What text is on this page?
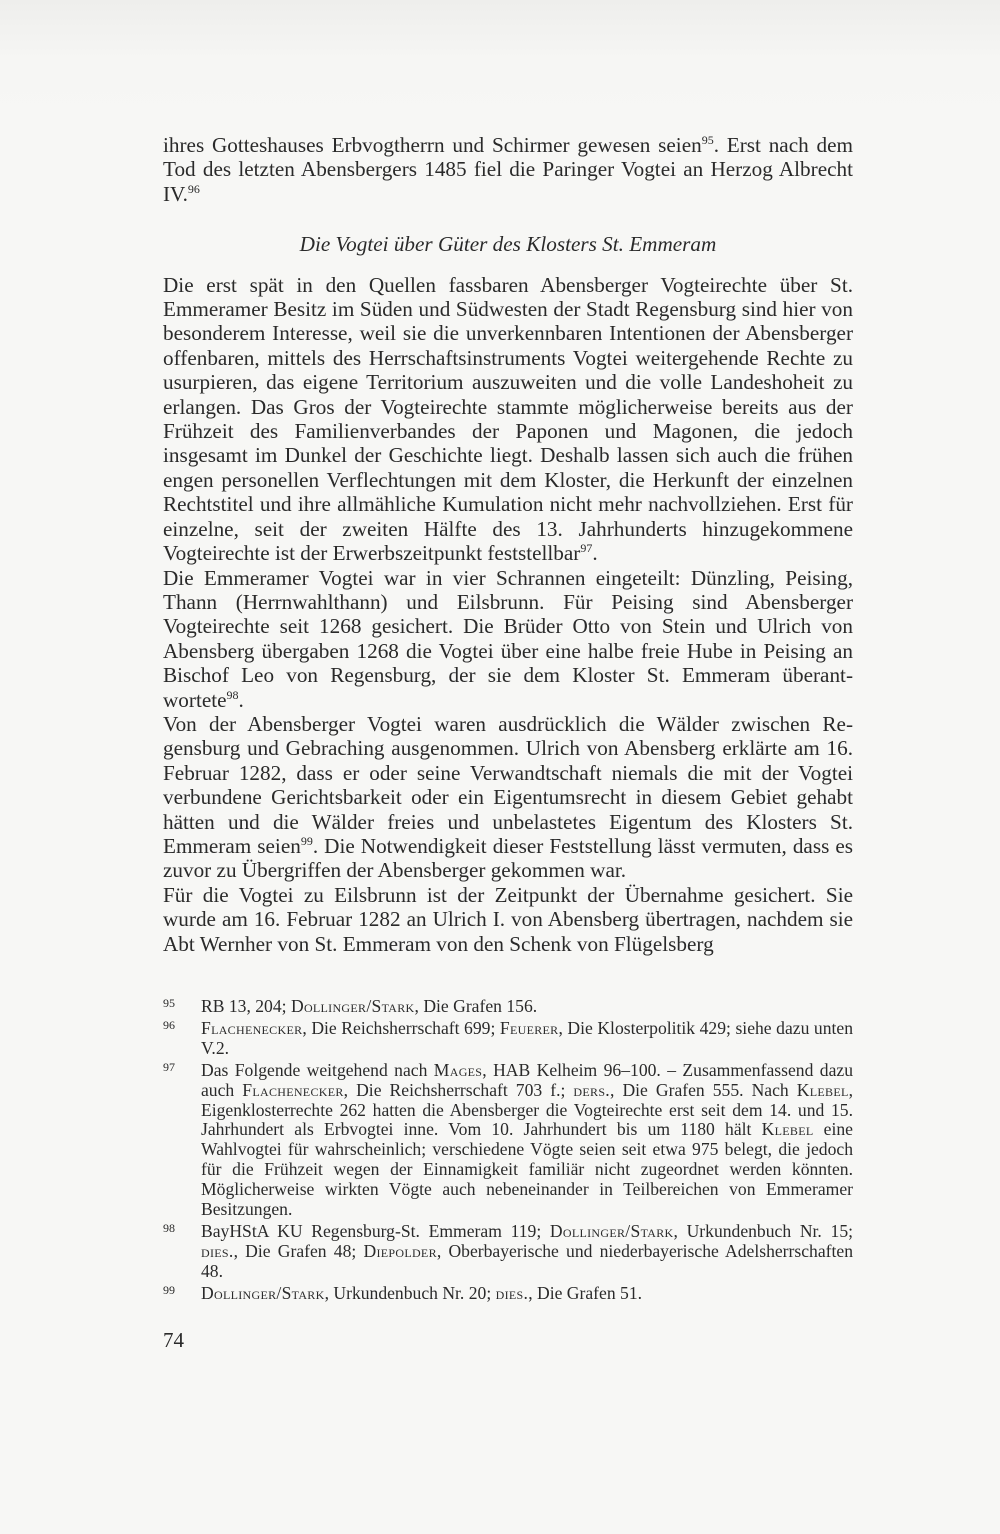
ihres Gotteshauses Erbvogtherrn und Schirmer gewesen seien$^{95}$. Erst nach dem Tod des letzten Abensbergers 1485 fiel die Paringer Vogtei an Herzog Albrecht IV.$^{96}$

Die Vogtei über Güter des Klosters St. Emmeram

Die erst spät in den Quellen fassbaren Abensberger Vogteirechte über St. Emmeramer Besitz im Süden und Südwesten der Stadt Regensburg sind hier von besonderem Interesse, weil sie die unverkennbaren Intentionen der Abensberger offenbaren, mittels des Herrschaftsinstruments Vogtei weitergehende Rechte zu usurpieren, das eigene Territorium auszuweiten und die volle Landeshoheit zu erlangen. Das Gros der Vogteirechte stammte möglicherweise bereits aus der Frühzeit des Familienverbandes der Paponen und Magonen, die jedoch insgesamt im Dunkel der Geschichte liegt. Deshalb lassen sich auch die frühen engen personellen Verflechtungen mit dem Kloster, die Herkunft der einzelnen Rechtstitel und ihre allmähliche Kumulation nicht mehr nachvollziehen. Erst für einzelne, seit der zweiten Hälfte des 13. Jahrhunderts hinzugekommene Vogteirechte ist der Erwerbszeitpunkt feststellbar$^{97}$.

Die Emmeramer Vogtei war in vier Schrannen eingeteilt: Dünzling, Peising, Thann (Herrnwahlthann) und Eilsbrunn. Für Peising sind Abensberger Vogteirechte seit 1268 gesichert. Die Brüder Otto von Stein und Ulrich von Abensberg übergaben 1268 die Vogtei über eine halbe freie Hube in Peising an Bischof Leo von Regensburg, der sie dem Kloster St. Emmeram überantwortete$^{98}$.

Von der Abensberger Vogtei waren ausdrücklich die Wälder zwischen Regensburg und Gebraching ausgenommen. Ulrich von Abensberg erklärte am 16. Februar 1282, dass er oder seine Verwandtschaft niemals die mit der Vogtei verbundene Gerichtsbarkeit oder ein Eigentumsrecht in diesem Gebiet gehabt hätten und die Wälder freies und unbelastetes Eigentum des Klosters St. Emmeram seien$^{99}$. Die Notwendigkeit dieser Feststellung lässt vermuten, dass es zuvor zu Übergriffen der Abensberger gekommen war.

Für die Vogtei zu Eilsbrunn ist der Zeitpunkt der Übernahme gesichert. Sie wurde am 16. Februar 1282 an Ulrich I. von Abensberg übertragen, nachdem sie Abt Wernher von St. Emmeram von den Schenk von Flügelsberg

95 RB 13, 204; Dollinger/Stark, Die Grafen 156.

96 Flachenecker, Die Reichsherrschaft 699; Feuerer, Die Klosterpolitik 429; siehe dazu unten V.2.

97 Das Folgende weitgehend nach Mages, HAB Kelheim 96–100. – Zusammenfassend dazu auch Flachenecker, Die Reichsherrschaft 703 f.; ders., Die Grafen 555. Nach Klebel, Eigenklosterrechte 262 hatten die Abensberger die Vogteirechte erst seit dem 14. und 15. Jahrhundert als Erbvogtei inne. Vom 10. Jahrhundert bis um 1180 hält Klebel eine Wahlvogtei für wahrscheinlich; verschiedene Vögte seien seit etwa 975 belegt, die jedoch für die Frühzeit wegen der Einnamigkeit familiär nicht zugeordnet werden könnten. Möglicherweise wirkten Vögte auch nebeneinander in Teilbereichen von Emmeramer Besitzungen.

98 BayHStA KU Regensburg-St. Emmeram 119; Dollinger/Stark, Urkundenbuch Nr. 15; dies., Die Grafen 48; Diepolder, Oberbayerische und niederbayerische Adelsherrschaften 48.

99 Dollinger/Stark, Urkundenbuch Nr. 20; dies., Die Grafen 51.

74
